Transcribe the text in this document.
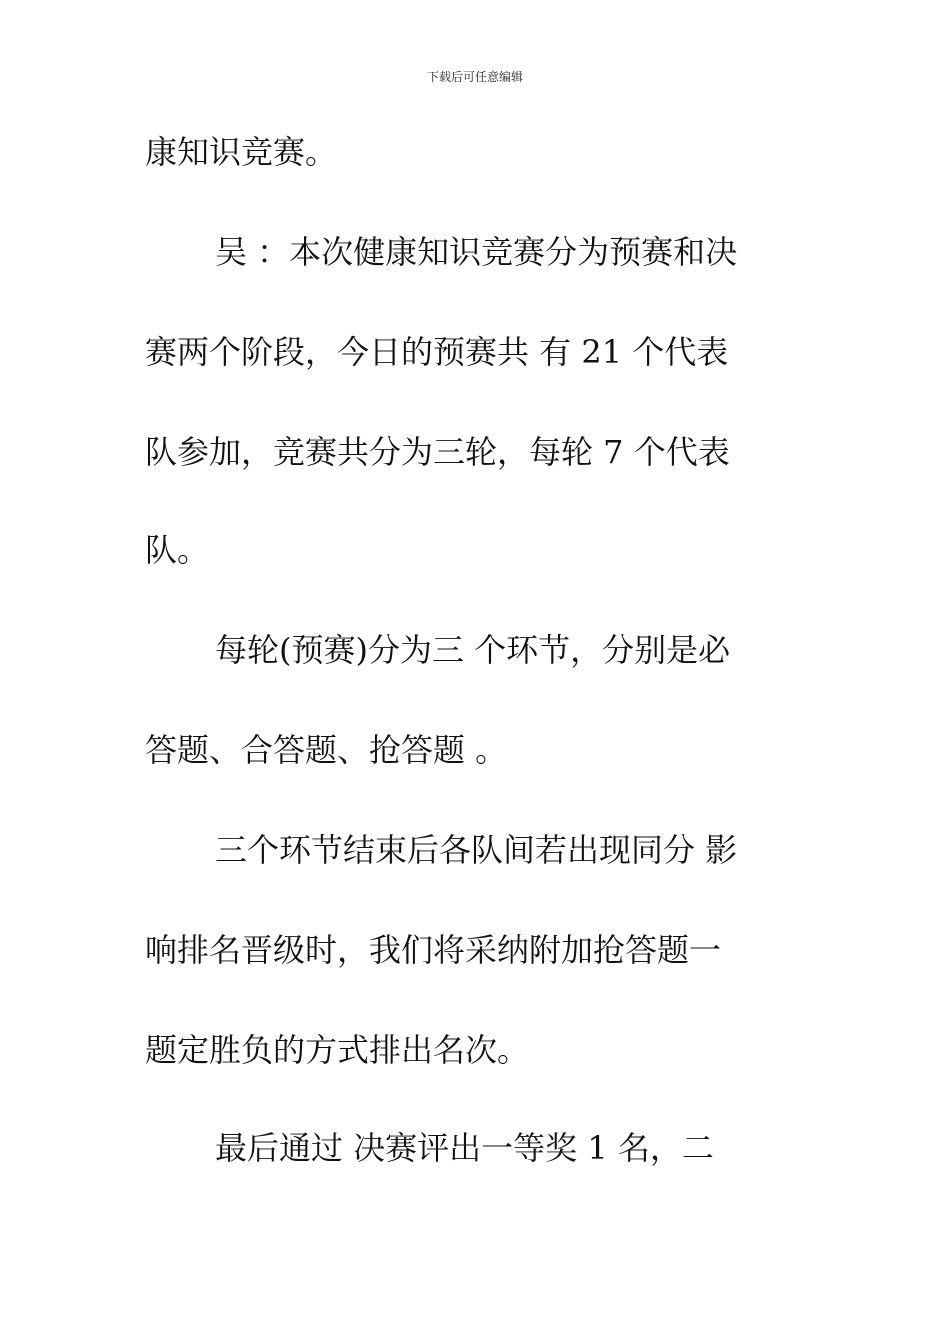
下载后可任意编辑
康知识竞赛。
吴 ：本次健康知识竞赛分为预赛和决
赛两个阶段，今日的预赛共 有 21 个代表
队参加，竞赛共分为三轮，每轮 7 个代表
队。
每轮(预赛)分为三 个环节，分别是必
答题、合答题、抢答题 。
三个环节结束后各队间若出现同分 影
响排名晋级时，我们将采纳附加抢答题一
题定胜负的方式排出名次。
最后通过 决赛评出一等奖 1 名，二
